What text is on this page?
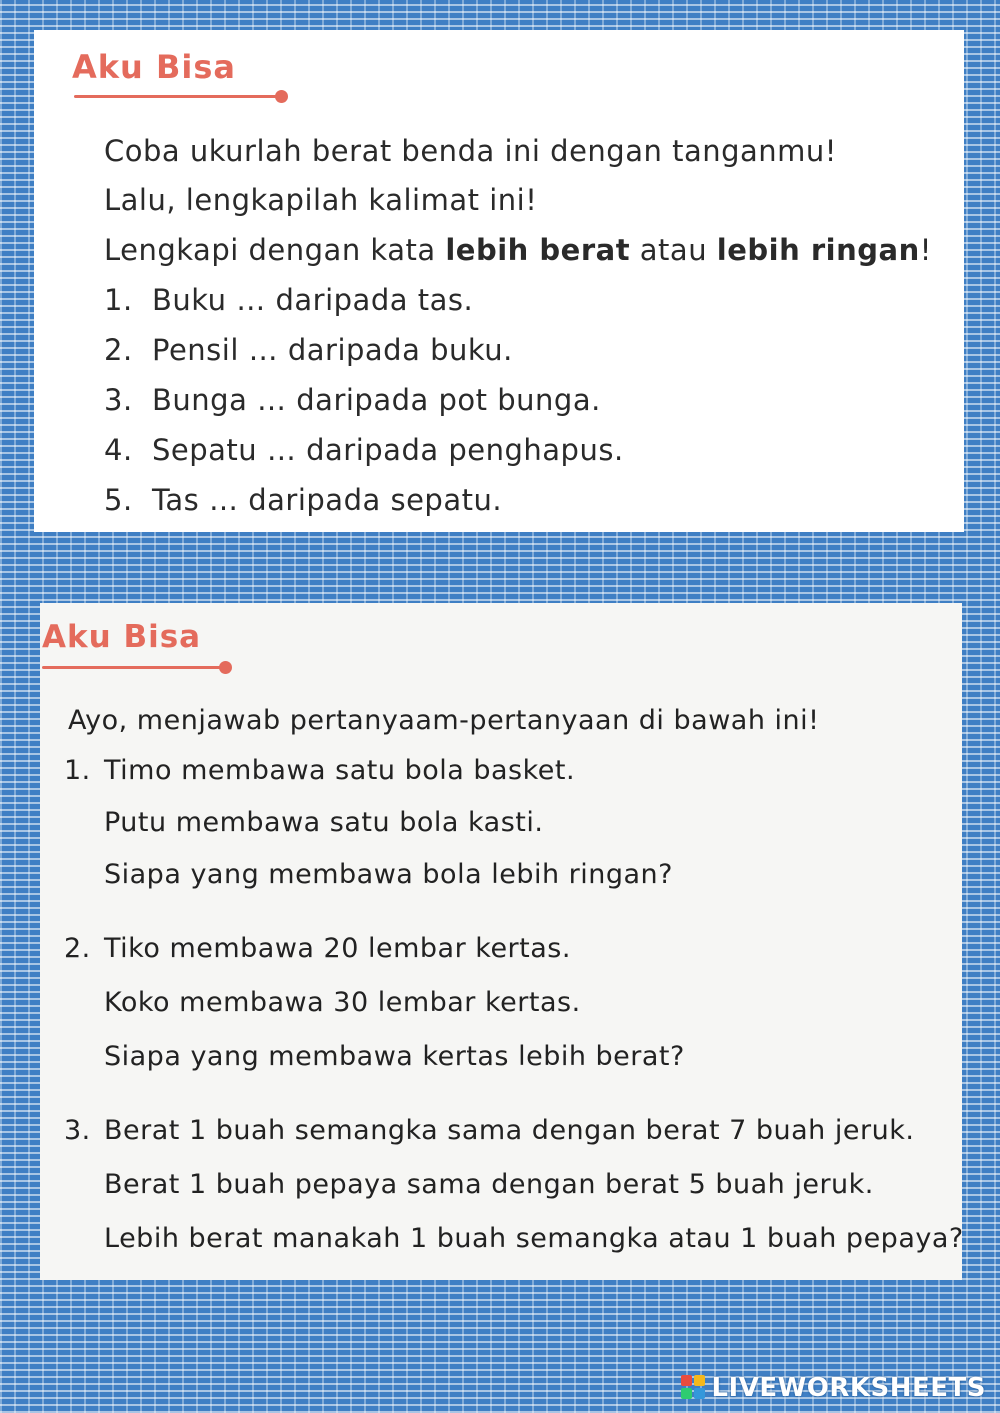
Aku Bisa
Coba ukurlah berat benda ini dengan tanganmu!
Lalu, lengkapilah kalimat ini!
Lengkapi dengan kata lebih berat atau lebih ringan!
1. Buku … daripada tas.
2. Pensil … daripada buku.
3. Bunga … daripada pot bunga.
4. Sepatu … daripada penghapus.
5. Tas … daripada sepatu.
Aku Bisa
Ayo, menjawab pertanyaam-pertanyaan di bawah ini!
1. Timo membawa satu bola basket.
Putu membawa satu bola kasti.
Siapa yang membawa bola lebih ringan?
2. Tiko membawa 20 lembar kertas.
Koko membawa 30 lembar kertas.
Siapa yang membawa kertas lebih berat?
3. Berat 1 buah semangka sama dengan berat 7 buah jeruk.
Berat 1 buah pepaya sama dengan berat 5 buah jeruk.
Lebih berat manakah 1 buah semangka atau 1 buah pepaya?
LIVEWORKSHEETS
